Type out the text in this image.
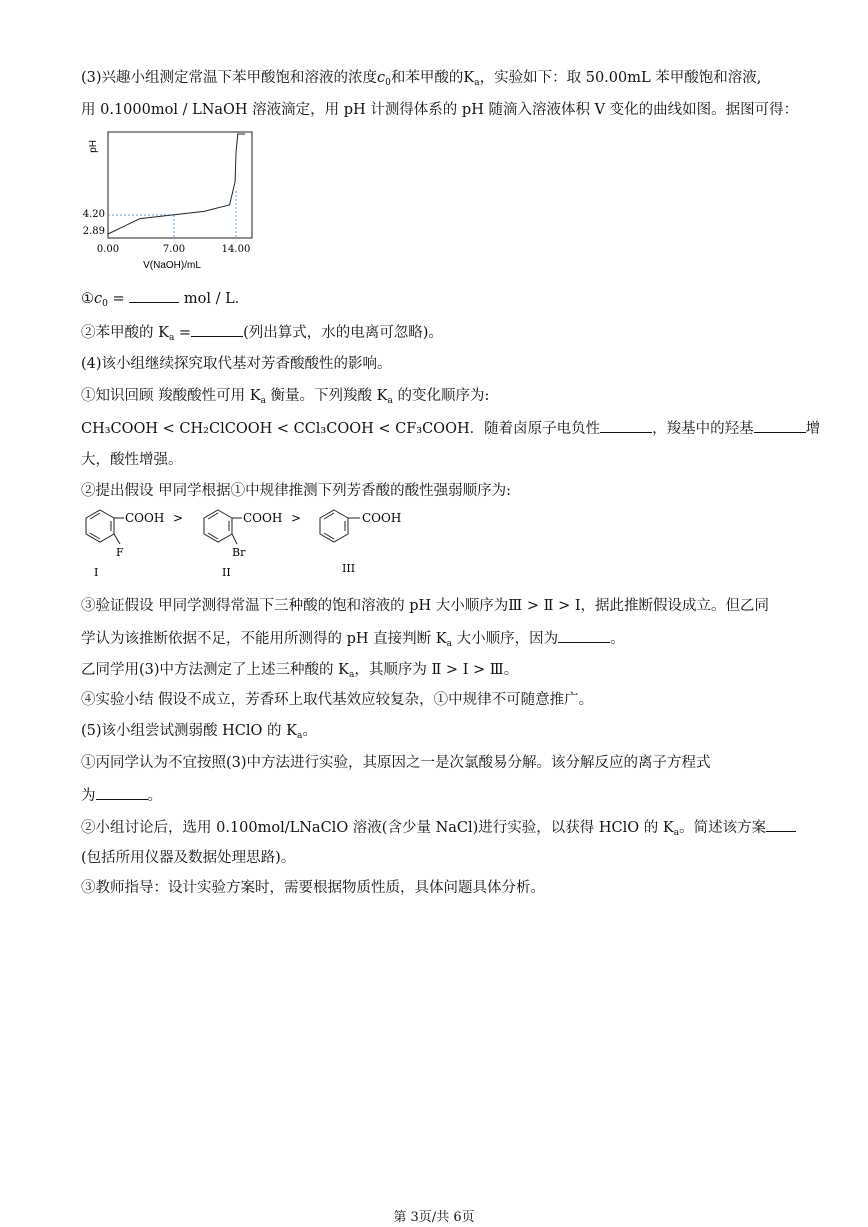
(3)兴趣小组测定常温下苯甲酸饱和溶液的浓度$c_0$和苯甲酸的$K_a$，实验如下：取 50.00mL 苯甲酸饱和溶液,
用 0.1000mol / LNaOH 溶液滴定，用 pH 计测得体系的 pH 随滴入溶液体积 V 变化的曲线如图。据图可得：
pH
4.20
2.89
0.00	7.00	14.00
V(NaOH)/mL
$①c_0$ =	mol / L．
②苯甲酸的 $K_a$ =	(列出算式，水的电离可忽略)。
(4)该小组继续探究取代基对芳香酸酸性的影响。
①知识回顾 羧酸酸性可用 $K_a$ 衡量。下列羧酸 $K_a$ 的变化顺序为:
CH₃COOH < CH₂ClCOOH < CCl₃COOH < CF₃COOH．随着卤原子电负性	，羧基中的羟基	增
大，酸性增强。
②提出假设 甲同学根据①中规律推测下列芳香酸的酸性强弱顺序为:
COOH >
F
I
COOH >
Br
II
COOH
III
③验证假设 甲同学测得常温下三种酸的饱和溶液的 pH 大小顺序为Ⅲ > Ⅱ > Ⅰ，据此推断假设成立。但乙同
学认为该推断依据不足，不能用所测得的 pH 直接判断 $K_a$ 大小顺序，因为	。
乙同学用(3)中方法测定了上述三种酸的 $K_a$，其顺序为 Ⅱ > Ⅰ > Ⅲ。
④实验小结 假设不成立，芳香环上取代基效应较复杂，①中规律不可随意推广。
(5)该小组尝试测弱酸 HClO 的 $K_a$。
①丙同学认为不宜按照(3)中方法进行实验，其原因之一是次氯酸易分解。该分解反应的离子方程式
为	。
②小组讨论后，选用 0.100mol/LNaClO 溶液(含少量 NaCl)进行实验，以获得 HClO 的 $K_a$。简述该方案
(包括所用仪器及数据处理思路)。
③教师指导：设计实验方案时，需要根据物质性质，具体问题具体分析。
第 3页/共 6页
